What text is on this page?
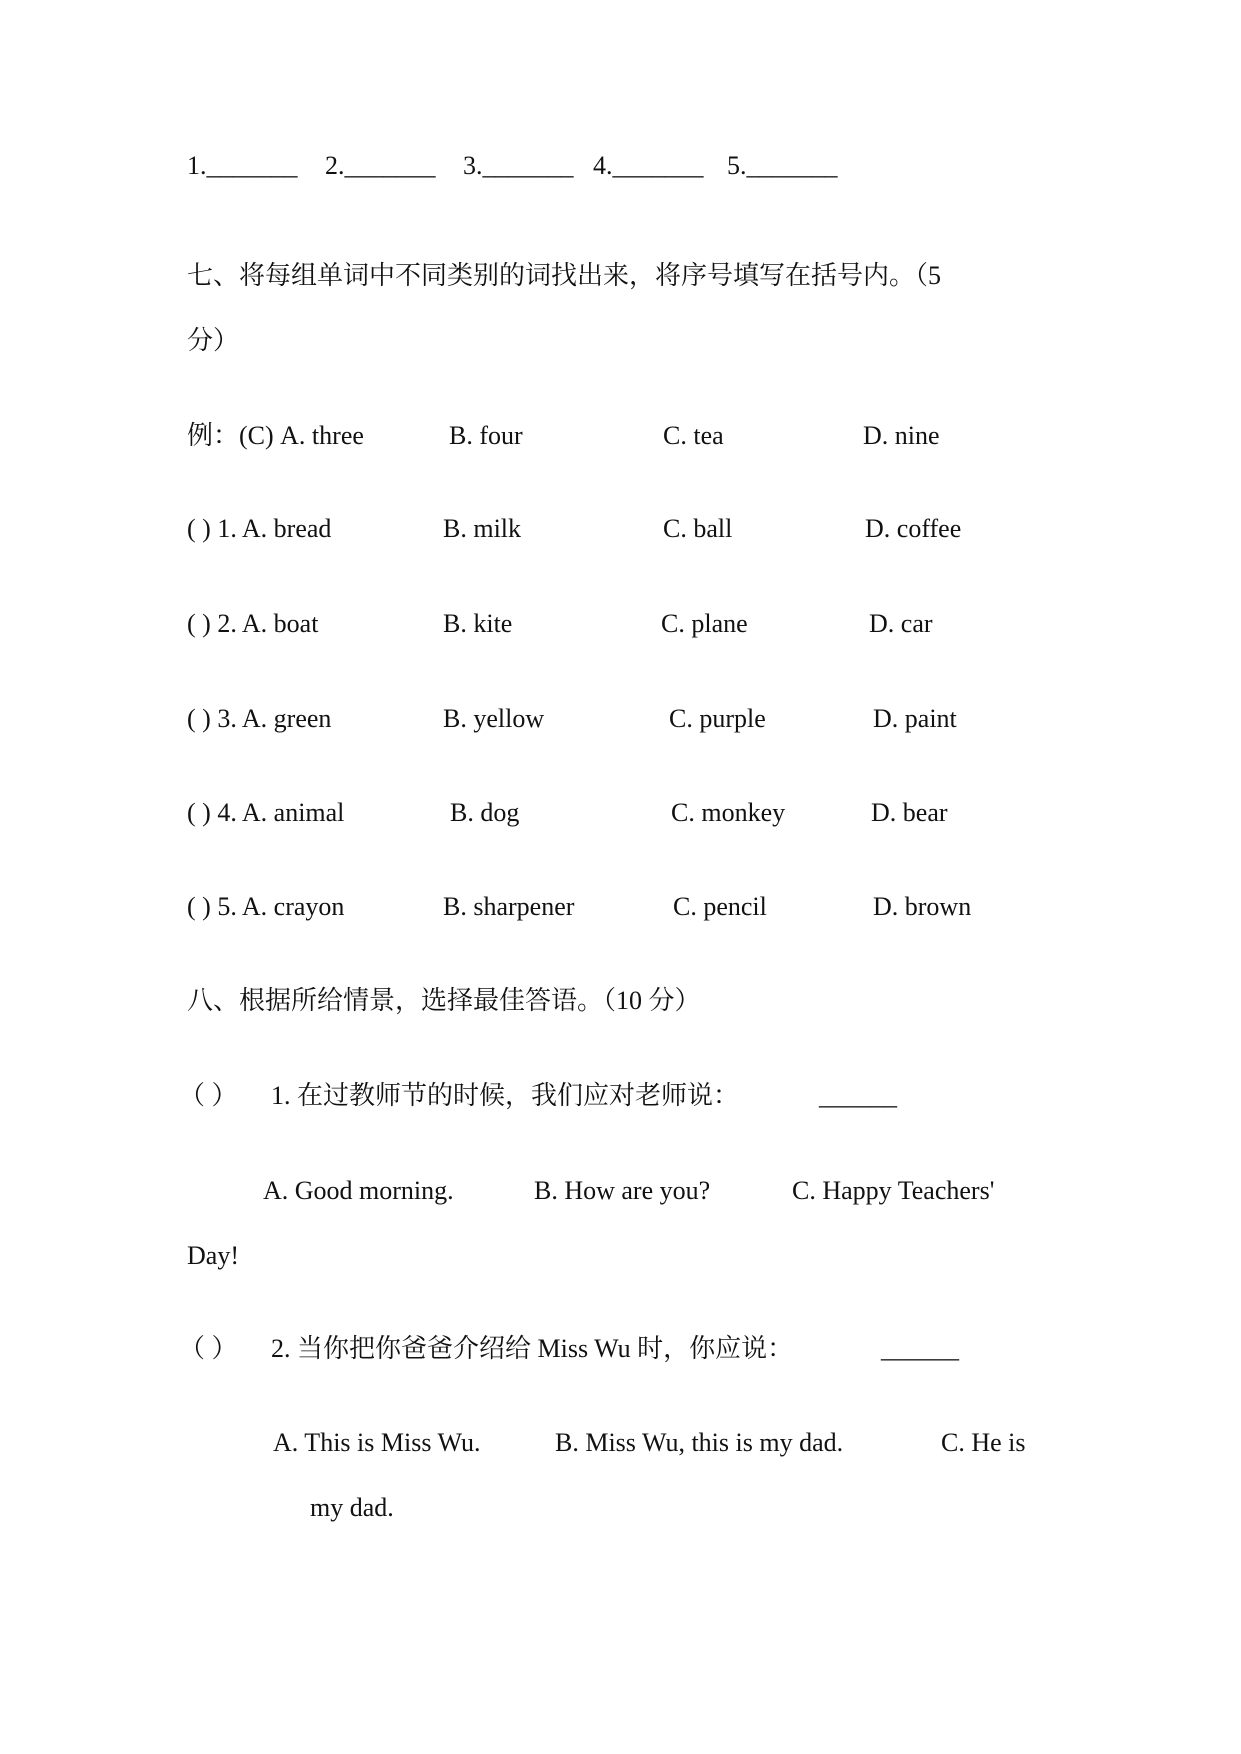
1._______ 2._______ 3._______ 4._______ 5._______
七、将每组单词中不同类别的词找出来，将序号填写在括号内。（5
分）
例：(C) A. three	B. four	C. tea	D. nine
( ) 1. A. bread	B. milk	C. ball	D. coffee
( ) 2. A. boat	B. kite	C. plane	D. car
( ) 3. A. green	B. yellow	C. purple	D. paint
( ) 4. A. animal	B. dog	C. monkey	D. bear
( ) 5. A. crayon	B. sharpener	C. pencil	D. brown
八、根据所给情景，选择最佳答语。（10 分）
（ ） 1. 在过教师节的时候，我们应对老师说：	______
A. Good morning.	B. How are you?	C. Happy Teachers'
Day!
（ ） 2. 当你把你爸爸介绍给 Miss Wu 时，你应说：	______
A. This is Miss Wu.	B. Miss Wu, this is my dad.	C. He is
my dad.
